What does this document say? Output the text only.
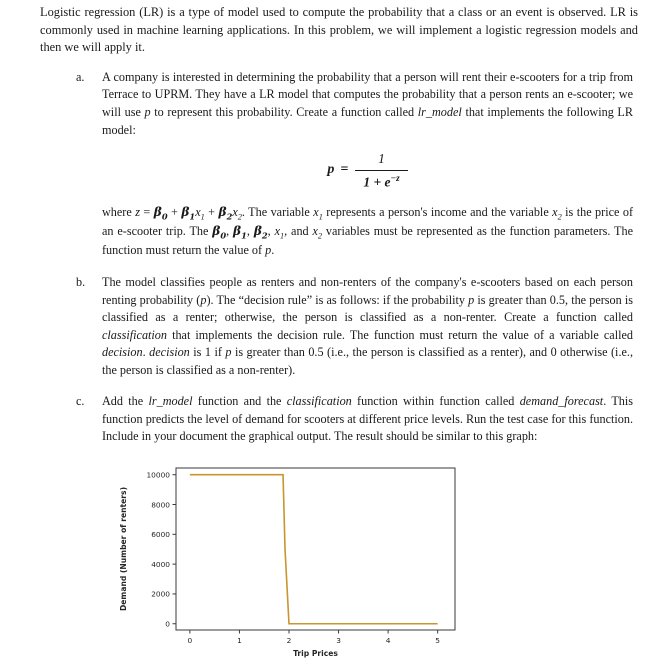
Logistic regression (LR) is a type of model used to compute the probability that a class or an event is observed. LR is commonly used in machine learning applications. In this problem, we will implement a logistic regression models and then we will apply it.

a.	A company is interested in determining the probability that a person will rent their e-scooters for a trip from Terrace to UPRM. They have a LR model that computes the probability that a person rents an e-scooter; we will use p to represent this probability. Create a function called lr_model that implements the following LR model:
$p = \frac{1}{1 + e^{-z}}$
where $z = \beta_0 + \beta_1x_1 + \beta_2x_2$. The variable $x_1$ represents a person's income and the variable $x_2$ is the price of an e-scooter trip. The $\beta_0$, $\beta_1$, $\beta_2$, $x_1$, and $x_2$ variables must be represented as the function parameters. The function must return the value of p.
b.	The model classifies people as renters and non-renters of the company's e-scooters based on each person renting probability (p). The “decision rule” is as follows: if the probability p is greater than 0.5, the person is classified as a renter; otherwise, the person is classified as a non-renter. Create a function called classification that implements the decision rule. The function must return the value of a variable called decision. decision is 1 if p is greater than 0.5 (i.e., the person is classified as a renter), and 0 otherwise (i.e., the person is classified as a non-renter).
c.	Add the lr_model function and the classification function within function called demand_forecast. This function predicts the level of demand for scooters at different price levels. Run the test case for this function. Include in your document the graphical output. The result should be similar to this graph:
0	1	2	3	4	5
0
2000
4000
6000
8000
10000
Trip Prices
Demand (Number of renters)
